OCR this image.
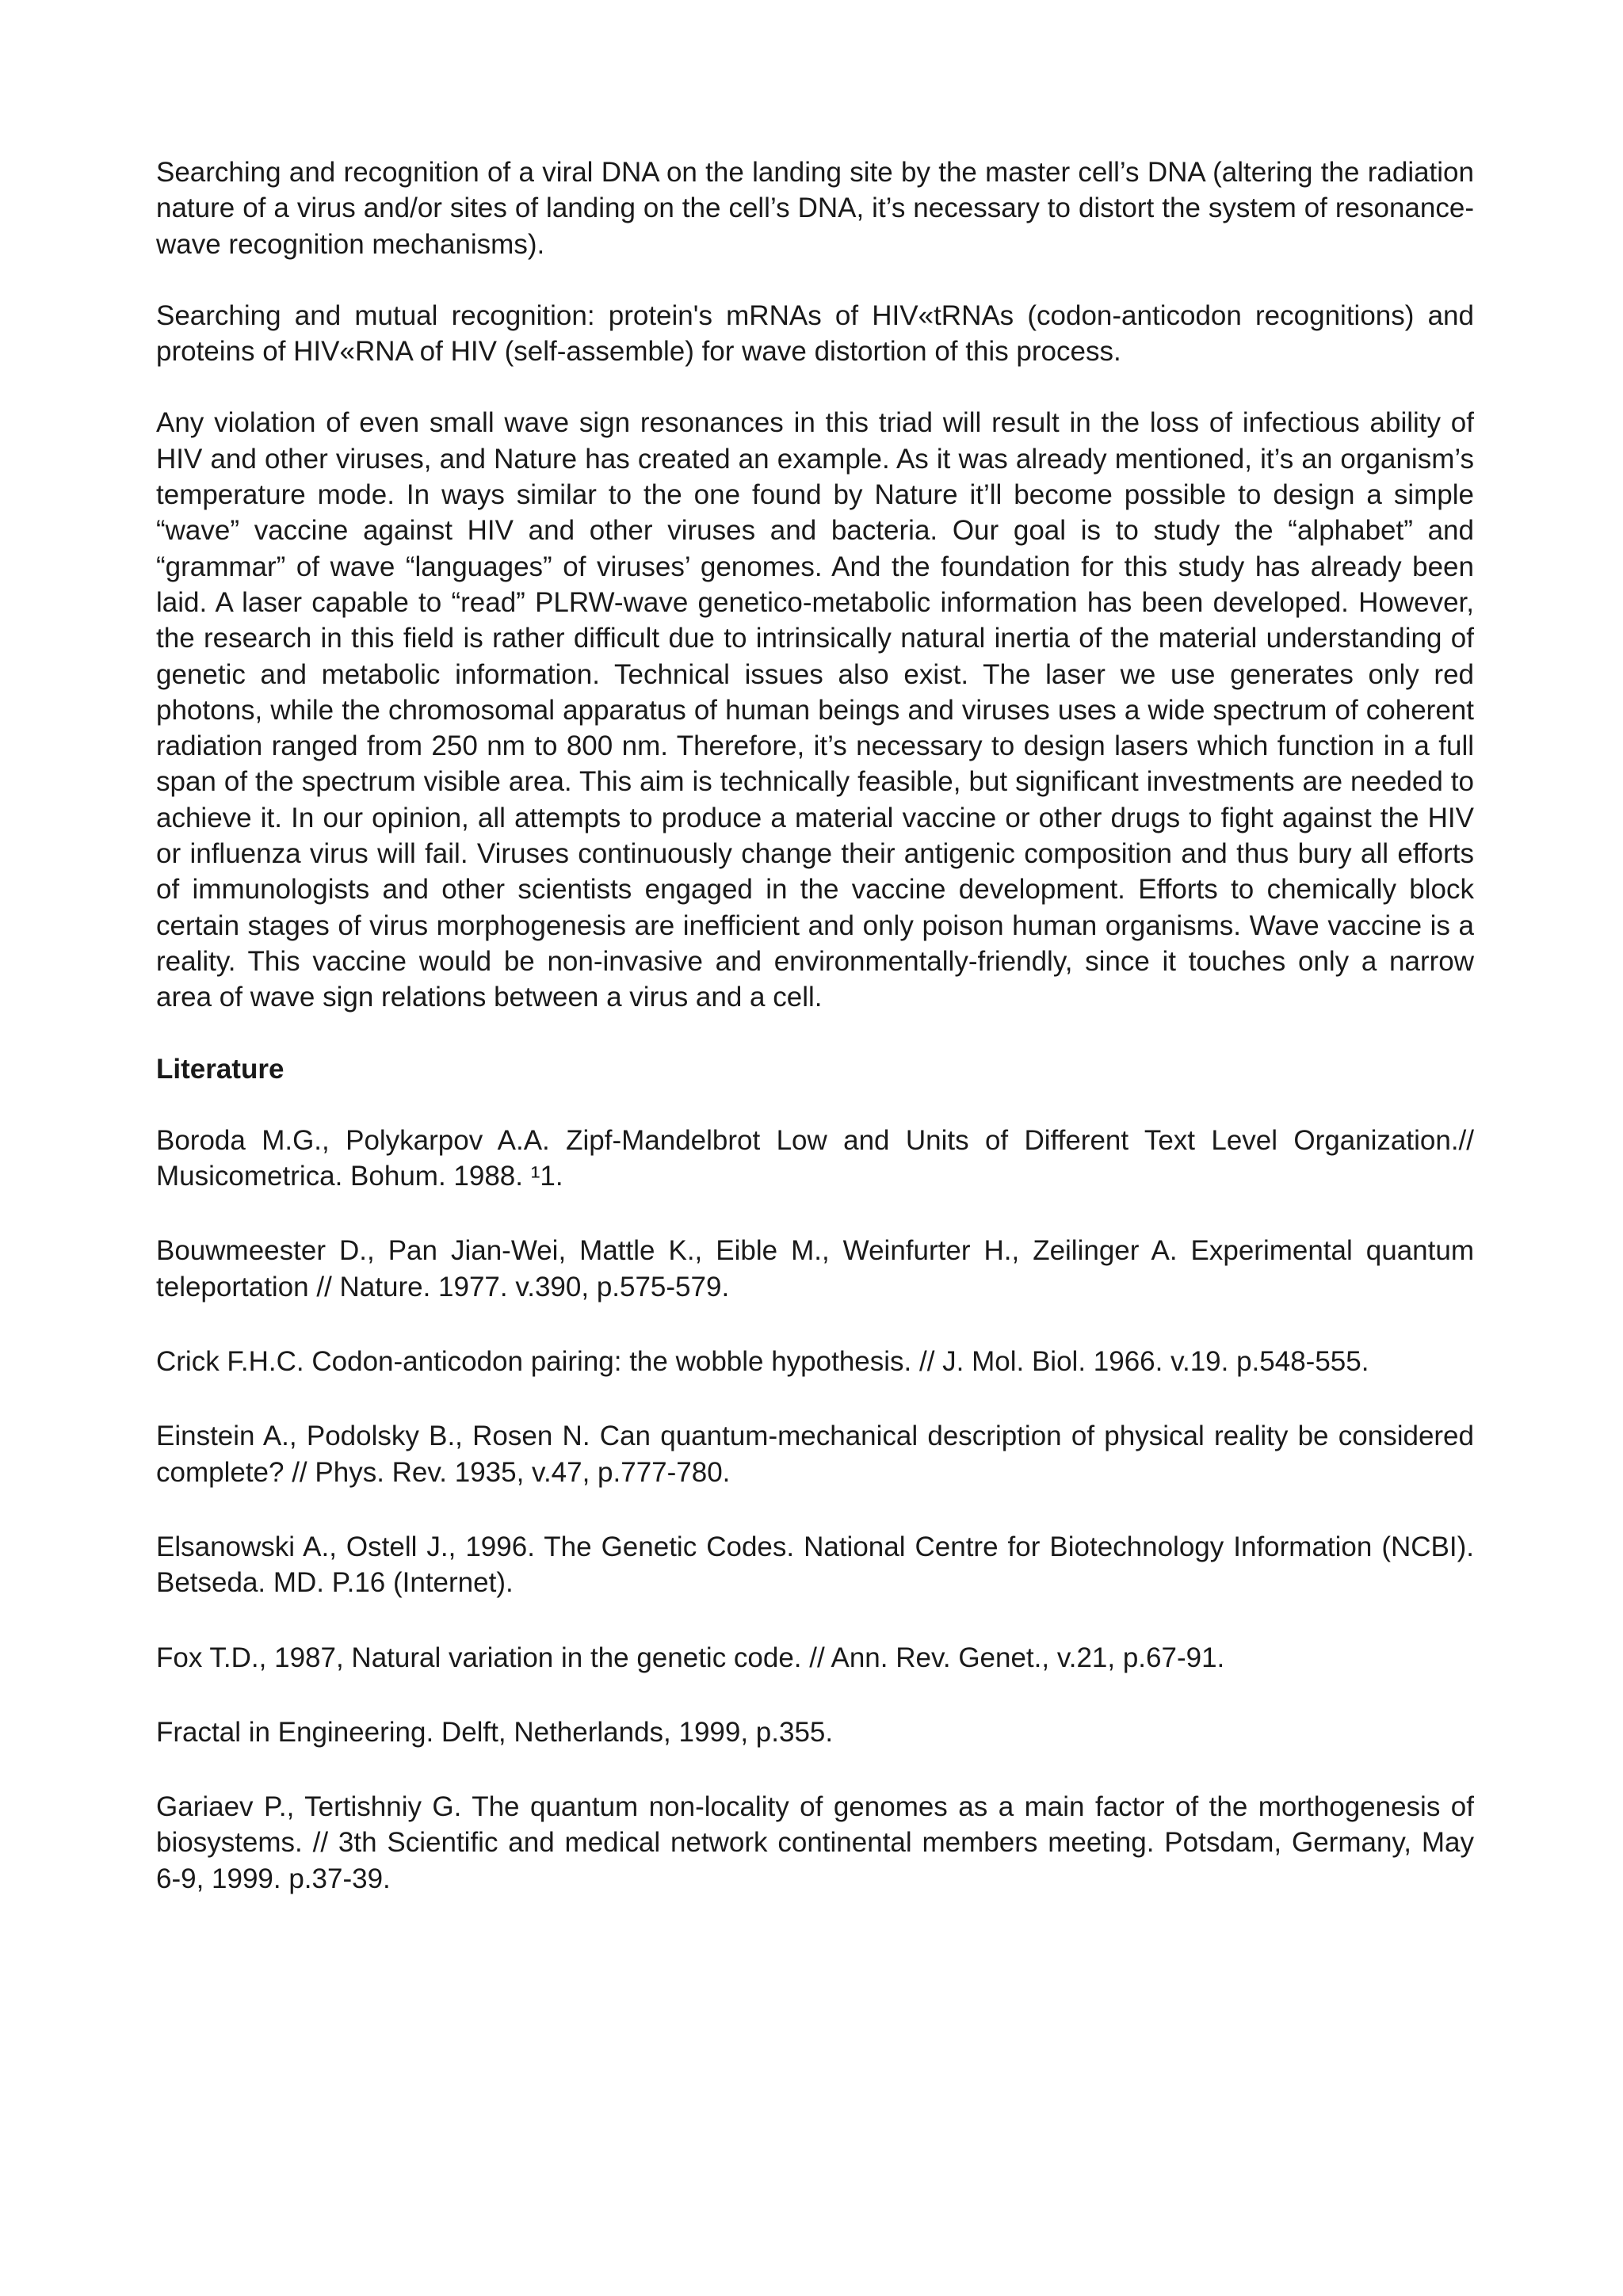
Searching and recognition of a viral DNA on the landing site by the master cell’s DNA (altering the radiation nature of a virus and/or sites of landing on the cell’s DNA, it’s necessary to distort the system of resonance-wave recognition mechanisms).

Searching and mutual recognition: protein's mRNAs of HIV«tRNAs (codon-anticodon recognitions) and proteins of HIV«RNA of HIV (self-assemble) for wave distortion of this process.

Any violation of even small wave sign resonances in this triad will result in the loss of infectious ability of HIV and other viruses, and Nature has created an example. As it was already mentioned, it’s an organism’s temperature mode. In ways similar to the one found by Nature it’ll become possible to design a simple “wave” vaccine against HIV and other viruses and bacteria. Our goal is to study the “alphabet” and “grammar” of wave “languages” of viruses’ genomes. And the foundation for this study has already been laid. A laser capable to “read” PLRW-wave genetico-metabolic information has been developed. However, the research in this field is rather difficult due to intrinsically natural inertia of the material understanding of genetic and metabolic information. Technical issues also exist. The laser we use generates only red photons, while the chromosomal apparatus of human beings and viruses uses a wide spectrum of coherent radiation ranged from 250 nm to 800 nm. Therefore, it’s necessary to design lasers which function in a full span of the spectrum visible area. This aim is technically feasible, but significant investments are needed to achieve it. In our opinion, all attempts to produce a material vaccine or other drugs to fight against the HIV or influenza virus will fail. Viruses continuously change their antigenic composition and thus bury all efforts of immunologists and other scientists engaged in the vaccine development. Efforts to chemically block certain stages of virus morphogenesis are inefficient and only poison human organisms. Wave vaccine is a reality. This vaccine would be non-invasive and environmentally-friendly, since it touches only a narrow area of wave sign relations between a virus and a cell.

Literature

Boroda M.G., Polykarpov A.A. Zipf-Mandelbrot Low and Units of Different Text Level Organization.// Musicometrica. Bohum. 1988. ¹1.

Bouwmeester D., Pan Jian-Wei, Mattle K., Eible M., Weinfurter H., Zeilinger A. Experimental quantum teleportation // Nature. 1977. v.390, p.575-579.

Crick F.H.C. Codon-anticodon pairing: the wobble hypothesis. // J. Mol. Biol. 1966. v.19. p.548-555.

Einstein A., Podolsky B., Rosen N. Can quantum-mechanical description of physical reality be considered complete? // Phys. Rev. 1935, v.47, p.777-780.

Elsanowski A., Ostell J., 1996. The Genetic Codes. National Centre for Biotechnology Information (NCBI). Betseda. MD. P.16 (Internet).

Fox T.D., 1987, Natural variation in the genetic code. // Ann. Rev. Genet., v.21, p.67-91.

Fractal in Engineering. Delft, Netherlands, 1999, p.355.

Gariaev P., Tertishniy G. The quantum non-locality of genomes as a main factor of the morthogenesis of biosystems. // 3th Scientific and medical network continental members meeting. Potsdam, Germany, May 6-9, 1999. p.37-39.
